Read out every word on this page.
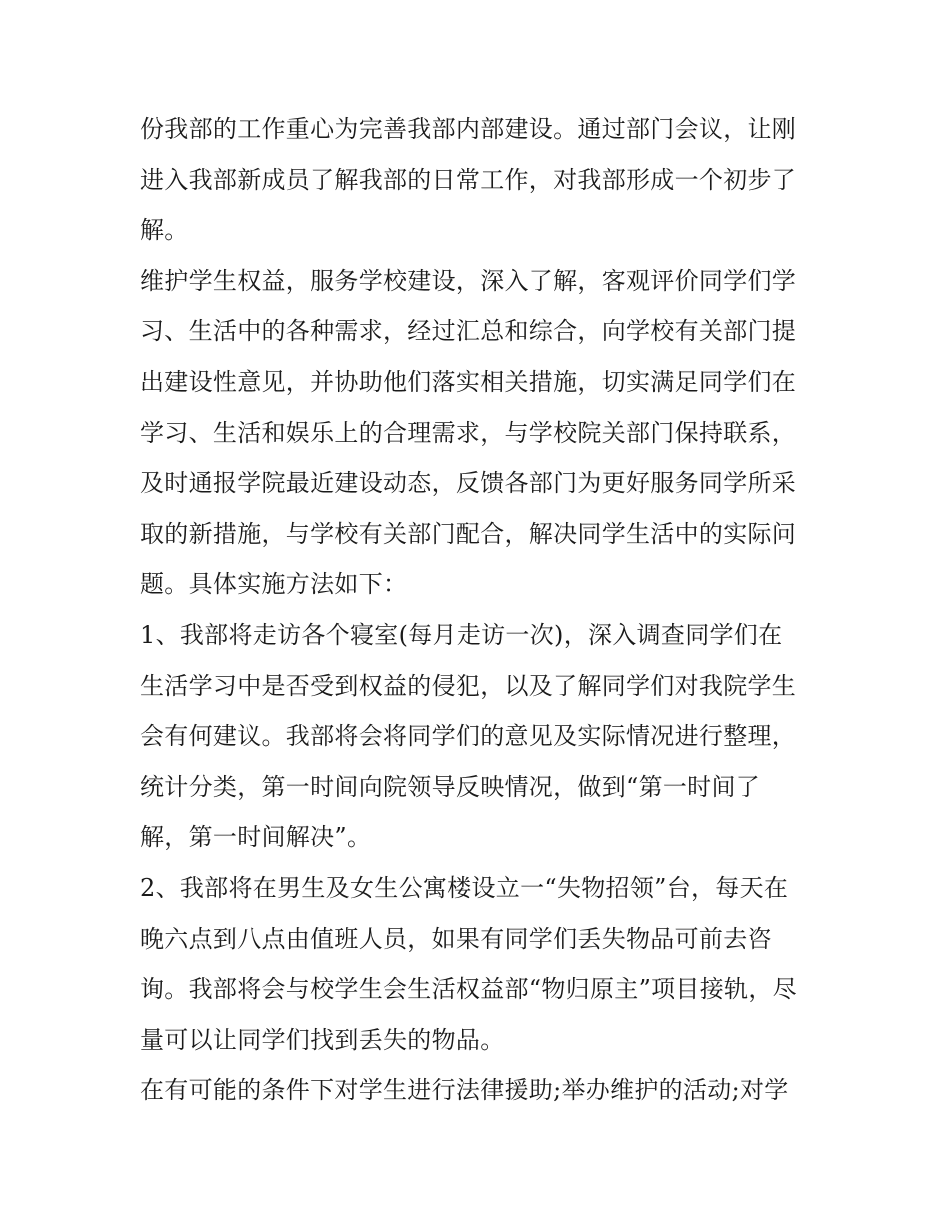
份我部的工作重心为完善我部内部建设。通过部门会议，让刚
进入我部新成员了解我部的日常工作，对我部形成一个初步了
解。
维护学生权益，服务学校建设，深入了解，客观评价同学们学
习、生活中的各种需求，经过汇总和综合，向学校有关部门提
出建设性意见，并协助他们落实相关措施，切实满足同学们在
学习、生活和娱乐上的合理需求，与学校院关部门保持联系，
及时通报学院最近建设动态，反馈各部门为更好服务同学所采
取的新措施，与学校有关部门配合，解决同学生活中的实际问
题。具体实施方法如下：
1、我部将走访各个寝室(每月走访一次)，深入调查同学们在
生活学习中是否受到权益的侵犯，以及了解同学们对我院学生
会有何建议。我部将会将同学们的意见及实际情况进行整理，
统计分类，第一时间向院领导反映情况，做到“第一时间了
解，第一时间解决”。
2、我部将在男生及女生公寓楼设立一“失物招领”台，每天在
晚六点到八点由值班人员，如果有同学们丢失物品可前去咨
询。我部将会与校学生会生活权益部“物归原主”项目接轨，尽
量可以让同学们找到丢失的物品。
在有可能的条件下对学生进行法律援助;举办维护的活动;对学
